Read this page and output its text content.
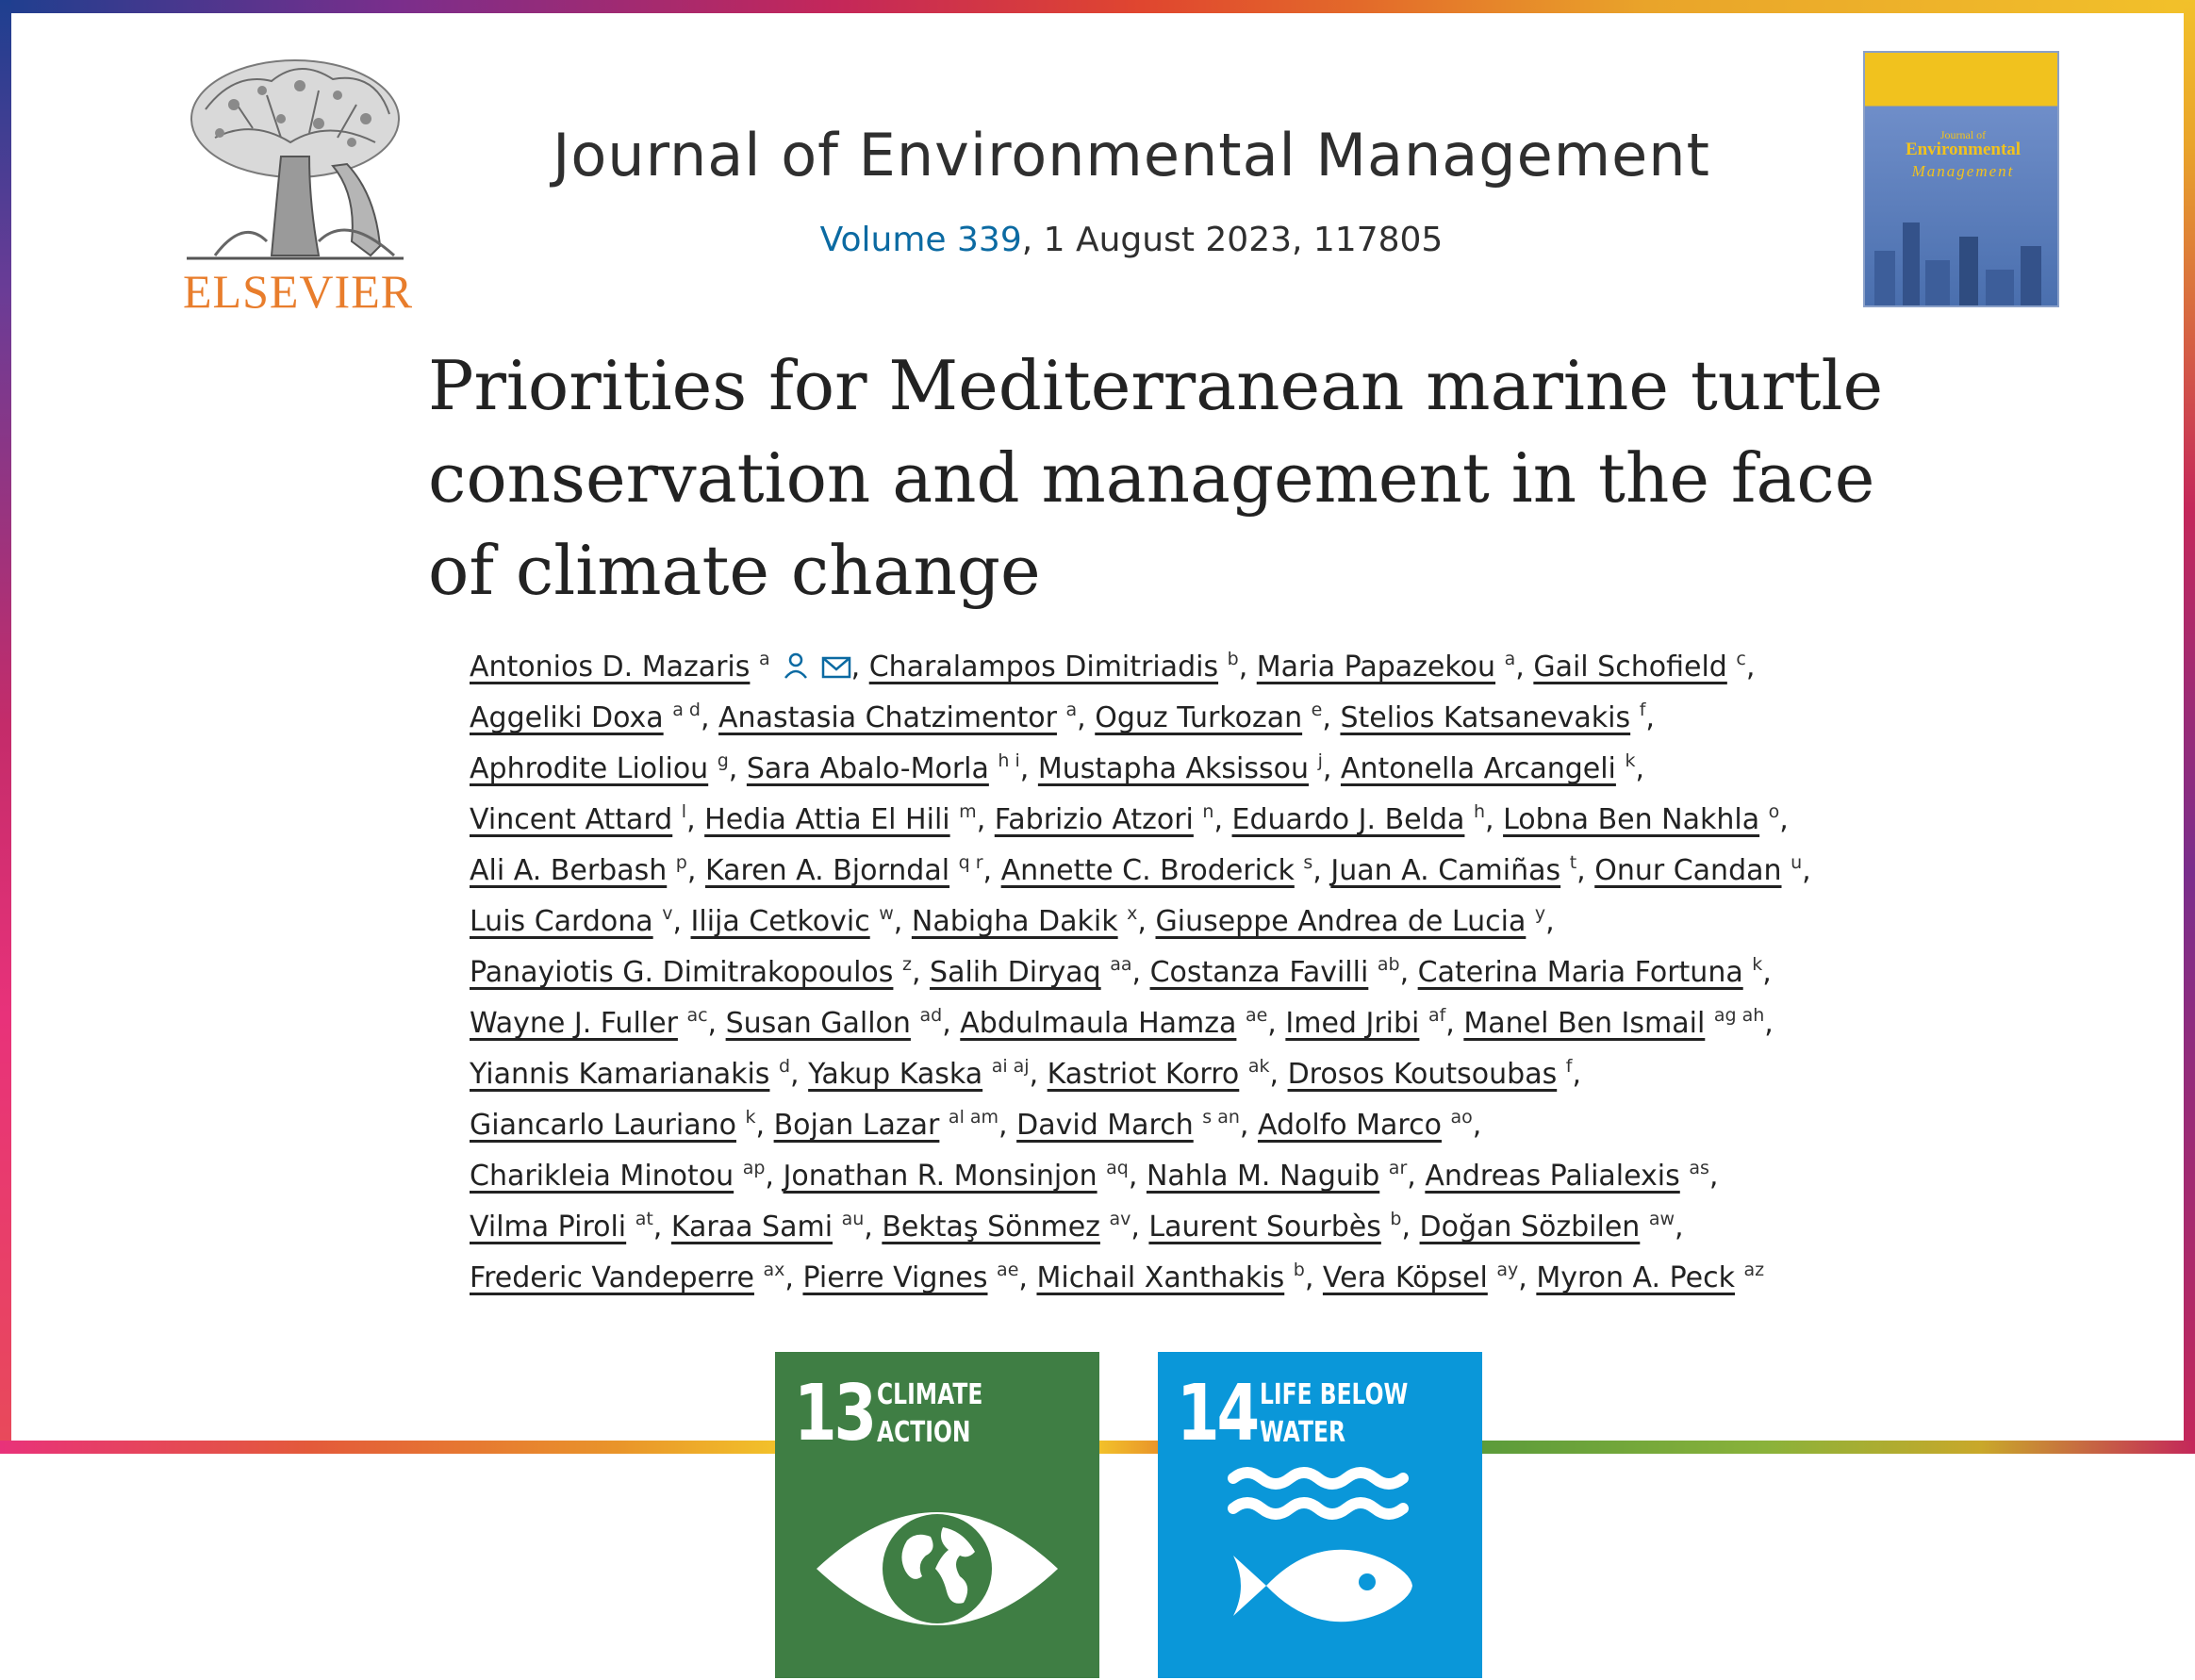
ELSEVIER
Journal of Environmental Management
Volume 339, 1 August 2023, 117805
Journal of
Environmental
Management
Priorities for Mediterranean marine turtle
conservation and management in the face
of climate change
Antonios D. Mazaris $^a$	, Charalampos Dimitriadis $^b$, Maria Papazekou $^a$, Gail Schofield $^c$,
Aggeliki Doxa $^{a d}$, Anastasia Chatzimentor $^a$, Oguz Turkozan $^e$, Stelios Katsanevakis $^f$,
Aphrodite Lioliou $^g$, Sara Abalo-Morla $^{h i}$, Mustapha Aksissou $^j$, Antonella Arcangeli $^k$,
Vincent Attard $^l$, Hedia Attia El Hili $^m$, Fabrizio Atzori $^n$, Eduardo J. Belda $^h$, Lobna Ben Nakhla $^o$,
Ali A. Berbash $^p$, Karen A. Bjorndal $^{q r}$, Annette C. Broderick $^s$, Juan A. Camiñas $^t$, Onur Candan $^u$,
Luis Cardona $^v$, Ilija Cetkovic $^w$, Nabigha Dakik $^x$, Giuseppe Andrea de Lucia $^y$,
Panayiotis G. Dimitrakopoulos $^z$, Salih Diryaq $^{aa}$, Costanza Favilli $^{ab}$, Caterina Maria Fortuna $^k$,
Wayne J. Fuller $^{ac}$, Susan Gallon $^{ad}$, Abdulmaula Hamza $^{ae}$, Imed Jribi $^{af}$, Manel Ben Ismail $^{ag ah}$,
Yiannis Kamarianakis $^d$, Yakup Kaska $^{ai aj}$, Kastriot Korro $^{ak}$, Drosos Koutsoubas $^f$,
Giancarlo Lauriano $^k$, Bojan Lazar $^{al am}$, David March $^{s an}$, Adolfo Marco $^{ao}$,
Charikleia Minotou $^{ap}$, Jonathan R. Monsinjon $^{aq}$, Nahla M. Naguib $^{ar}$, Andreas Palialexis $^{as}$,
Vilma Piroli $^{at}$, Karaa Sami $^{au}$, Bektaş Sönmez $^{av}$, Laurent Sourbès $^b$, Doğan Sözbilen $^{aw}$,
Frederic Vandeperre $^{ax}$, Pierre Vignes $^{ae}$, Michail Xanthakis $^b$, Vera Köpsel $^{ay}$, Myron A. Peck $^{az}$
13 CLIMATE
ACTION	14 LIFE BELOW
WATER
